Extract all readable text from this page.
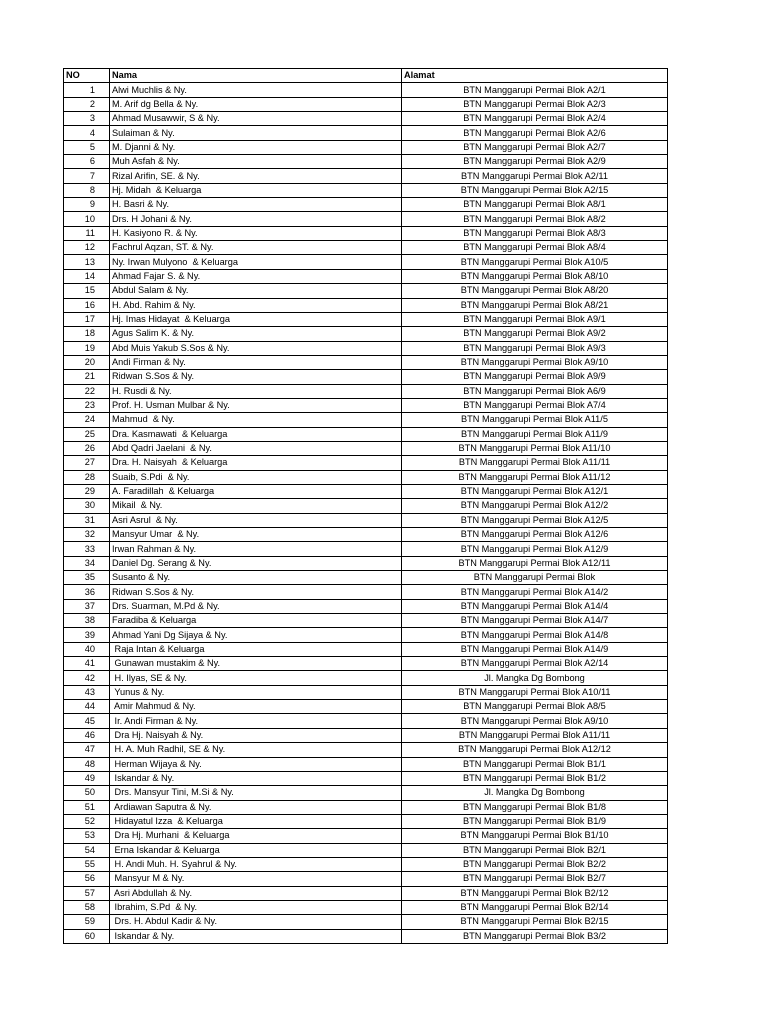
NO	Nama	Alamat
1	Alwi Muchlis & Ny.	BTN Manggarupi Permai Blok A2/1
2	M. Arif dg Bella & Ny.	BTN Manggarupi Permai Blok A2/3
3	Ahmad Musawwir, S & Ny.	BTN Manggarupi Permai Blok A2/4
4	Sulaiman & Ny.	BTN Manggarupi Permai Blok A2/6
5	M. Djanni & Ny.	BTN Manggarupi Permai Blok A2/7
6	Muh Asfah & Ny.	BTN Manggarupi Permai Blok A2/9
7	Rizal Arifin, SE. & Ny.	BTN Manggarupi Permai Blok A2/11
8	Hj. Midah  & Keluarga	BTN Manggarupi Permai Blok A2/15
9	H. Basri & Ny.	BTN Manggarupi Permai Blok A8/1
10	Drs. H Johani & Ny.	BTN Manggarupi Permai Blok A8/2
11	H. Kasiyono R. & Ny.	BTN Manggarupi Permai Blok A8/3
12	Fachrul Aqzan, ST. & Ny.	BTN Manggarupi Permai Blok A8/4
13	Ny. Irwan Mulyono  & Keluarga	BTN Manggarupi Permai Blok A10/5
14	Ahmad Fajar S. & Ny.	BTN Manggarupi Permai Blok A8/10
15	Abdul Salam & Ny.	BTN Manggarupi Permai Blok A8/20
16	H. Abd. Rahim & Ny.	BTN Manggarupi Permai Blok A8/21
17	Hj. Imas Hidayat  & Keluarga	BTN Manggarupi Permai Blok A9/1
18	Agus Salim K. & Ny.	BTN Manggarupi Permai Blok A9/2
19	Abd Muis Yakub S.Sos & Ny.	BTN Manggarupi Permai Blok A9/3
20	Andi Firman & Ny.	BTN Manggarupi Permai Blok A9/10
21	Ridwan S.Sos & Ny.	BTN Manggarupi Permai Blok A9/9
22	H. Rusdi & Ny.	BTN Manggarupi Permai Blok A6/9
23	Prof. H. Usman Mulbar & Ny.	BTN Manggarupi Permai Blok A7/4
24	Mahmud  & Ny.	BTN Manggarupi Permai Blok A11/5
25	Dra. Kasmawati  & Keluarga	BTN Manggarupi Permai Blok A11/9
26	Abd Qadri Jaelani  & Ny.	BTN Manggarupi Permai Blok A11/10
27	Dra. H. Naisyah  & Keluarga	BTN Manggarupi Permai Blok A11/11
28	Suaib, S.Pdi  & Ny.	BTN Manggarupi Permai Blok A11/12
29	A. Faradillah  & Keluarga	BTN Manggarupi Permai Blok A12/1
30	Mikail  & Ny.	BTN Manggarupi Permai Blok A12/2
31	Asri Asrul  & Ny.	BTN Manggarupi Permai Blok A12/5
32	Mansyur Umar  & Ny.	BTN Manggarupi Permai Blok A12/6
33	Irwan Rahman & Ny.	BTN Manggarupi Permai Blok A12/9
34	Daniel Dg. Serang & Ny.	BTN Manggarupi Permai Blok A12/11
35	Susanto & Ny.	BTN Manggarupi Permai Blok
36	Ridwan S.Sos & Ny.	BTN Manggarupi Permai Blok A14/2
37	Drs. Suarman, M.Pd & Ny.	BTN Manggarupi Permai Blok A14/4
38	Faradiba & Keluarga	BTN Manggarupi Permai Blok A14/7
39	Ahmad Yani Dg Sijaya & Ny.	BTN Manggarupi Permai Blok A14/8
40	Raja Intan & Keluarga	BTN Manggarupi Permai Blok A14/9
41	Gunawan mustakim & Ny.	BTN Manggarupi Permai Blok A2/14
42	H. Ilyas, SE & Ny.	Jl. Mangka Dg Bombong
43	Yunus & Ny.	BTN Manggarupi Permai Blok A10/11
44	Amir Mahmud & Ny.	BTN Manggarupi Permai Blok A8/5
45	Ir. Andi Firman & Ny.	BTN Manggarupi Permai Blok A9/10
46	Dra Hj. Naisyah & Ny.	BTN Manggarupi Permai Blok A11/11
47	H. A. Muh Radhil, SE & Ny.	BTN Manggarupi Permai Blok A12/12
48	Herman Wijaya & Ny.	BTN Manggarupi Permai Blok B1/1
49	Iskandar & Ny.	BTN Manggarupi Permai Blok B1/2
50	Drs. Mansyur Tini, M.Si & Ny.	Jl. Mangka Dg Bombong
51	Ardiawan Saputra & Ny.	BTN Manggarupi Permai Blok B1/8
52	Hidayatul Izza  & Keluarga	BTN Manggarupi Permai Blok B1/9
53	Dra Hj. Murhani  & Keluarga	BTN Manggarupi Permai Blok B1/10
54	Erna Iskandar & Keluarga	BTN Manggarupi Permai Blok B2/1
55	H. Andi Muh. H. Syahrul & Ny.	BTN Manggarupi Permai Blok B2/2
56	Mansyur M & Ny.	BTN Manggarupi Permai Blok B2/7
57	Asri Abdullah & Ny.	BTN Manggarupi Permai Blok B2/12
58	Ibrahim, S.Pd  & Ny.	BTN Manggarupi Permai Blok B2/14
59	Drs. H. Abdul Kadir & Ny.	BTN Manggarupi Permai Blok B2/15
60	Iskandar & Ny.	BTN Manggarupi Permai Blok B3/2
